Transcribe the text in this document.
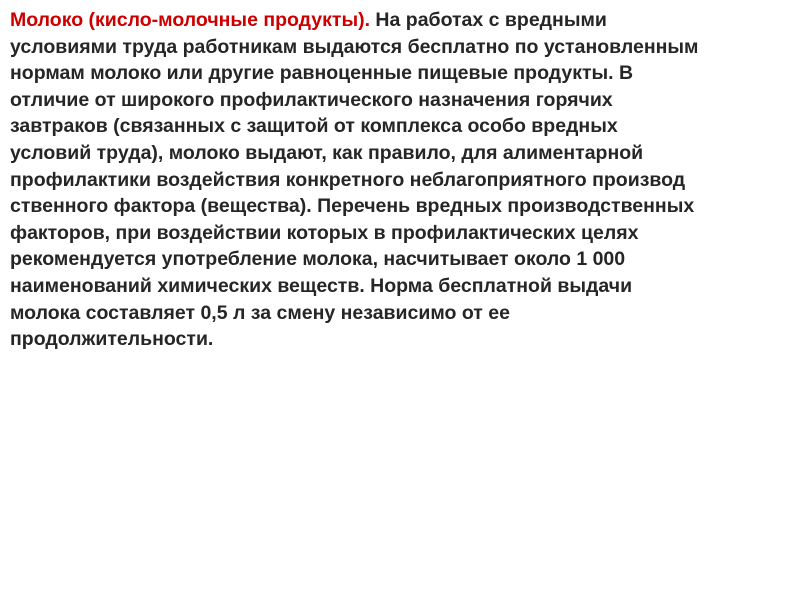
Молоко (кисло-молочные продукты). На работах с вредными
условиями труда работникам выдаются бесплатно по установленным
нормам молоко или другие равноценные пищевые продукты. В
отличие от широкого профилактического назначения горячих
завтраков (связанных с защитой от комплекса особо вредных
условий труда), молоко выдают, как правило, для алиментарной
профилактики воздействия конкретного неблагоприятного производ
ственного фактора (вещества). Перечень вредных производственных
факторов, при воздействии которых в профилактических целях
рекомендуется употребление молока, насчитывает около 1 000
наименований химических веществ. Норма бесплатной выдачи
молока составляет 0,5 л за смену независимо от ее
продолжительности.
